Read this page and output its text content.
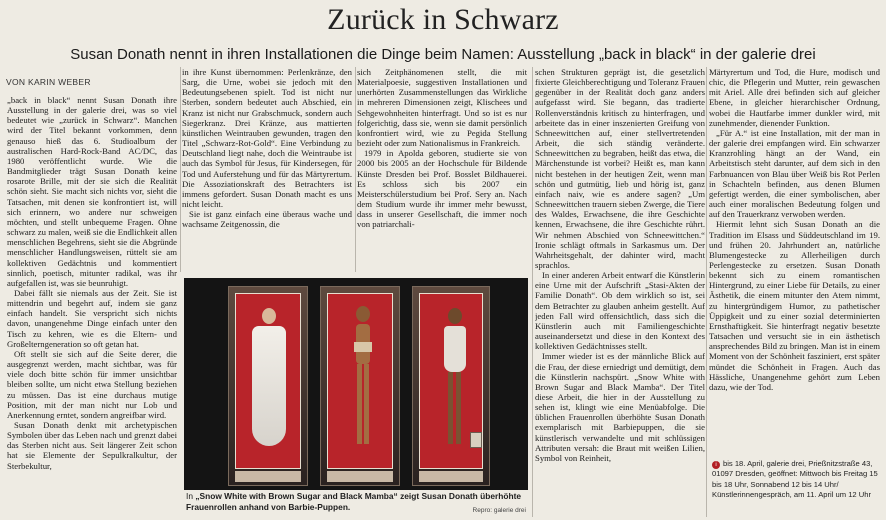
Zurück in Schwarz
Susan Donath nennt in ihren Installationen die Dinge beim Namen: Ausstellung „back in black“ in der galerie drei
VON KARIN WEBER

„back in black“ nennt Susan Donath ihre Ausstellung in der galerie drei, was so viel bedeutet wie „zurück in Schwarz“. Manchen wird der Titel bekannt vorkommen, denn genauso hieß das 6. Studioalbum der australischen Hard-Rock-Band AC/DC, das 1980 veröffentlicht wurde. Wie die Bandmitglieder trägt Susan Donath keine rosarote Brille, mit der sie sich die Realität schön sieht. Sie macht sich nichts vor, sieht die Tatsachen, mit denen sie konfrontiert ist, will sich erinnern, wo andere nur schweigen möchten, und stellt unbequeme Fragen. Ohne schwarz zu malen, weiß sie die Endlichkeit allen menschlichen Begehrens, sieht sie die Abgründe menschlicher Handlungsweisen, rüttelt sie am kollektiven Gedächtnis und kommentiert sinnlich, poetisch, mitunter radikal, was ihr aufgefallen ist, was sie beunruhigt.

Dabei fällt sie niemals aus der Zeit. Sie ist mittendrin und begehrt auf, indem sie ganz einfach handelt. Sie verspricht sich nichts davon, unangenehme Dinge einfach unter den Tisch zu kehren, wie es die Eltern- und Großelterngeneration so oft getan hat.

Oft stellt sie sich auf die Seite derer, die ausgegrenzt werden, macht sichtbar, was für viele doch bitte schön für immer unsichtbar bleiben sollte, um nicht etwa Stellung beziehen zu müssen. Das ist eine durchaus mutige Position, mit der man nicht nur Lob und Anerkennung erntet, sondern angreifbar wird.

Susan Donath denkt mit archetypischen Symbolen über das Leben nach und grenzt dabei das Sterben nicht aus. Seit längerer Zeit schon hat sie Elemente der Sepulkralkultur, der Sterbekultur,

in ihre Kunst übernommen: Perlenkränze, den Sarg, die Urne, wobei sie jedoch mit den Bedeutungsebenen spielt. Tod ist nicht nur Sterben, sondern bedeutet auch Abschied, ein Kranz ist nicht nur Grabschmuck, sondern auch Siegerkranz. Drei Kränze, aus mattierten künstlichen Weintrauben gewunden, tragen den Titel „Schwarz-Rot-Gold“. Eine Verbindung zu Deutschland liegt nahe, doch die Weintraube ist auch das Symbol für Jesus, für Kindersegen, für Tod und Auferstehung und für das Märtyrertum. Die Assoziationskraft des Betrachters ist immens gefordert. Susan Donath macht es uns nicht leicht.

Sie ist ganz einfach eine überaus wache und wachsame Zeitgenossin, die

sich Zeitphänomenen stellt, die mit Materialpoesie, suggestiven Installationen und unerhörten Zusammenstellungen das Wirkliche in mehreren Dimensionen zeigt, Klischees und Sehgewohnheiten hinterfragt. Und so ist es nur folgerichtig, dass sie, wenn sie damit persönlich konfrontiert wird, wie zu Pegida Stellung bezieht oder zum Nationalismus in Frankreich.

1979 in Apolda geboren, studierte sie von 2000 bis 2005 an der Hochschule für Bildende Künste Dresden bei Prof. Bosslet Bildhauerei. Es schloss sich bis 2007 ein Meisterschülerstudium bei Prof. Sery an. Nach dem Studium wurde ihr immer mehr bewusst, dass in unserer Gesellschaft, die immer noch von patriarchali-

schen Strukturen geprägt ist, die gesetzlich fixierte Gleichberechtigung und Toleranz Frauen gegenüber in der Realität doch ganz anders aufgefasst wird. Sie begann, das tradierte Rollenverständnis kritisch zu hinterfragen, und arbeitete das in einer inszenierten Greifung von Schneewittchen auf, einer stellvertretenden Arbeit, die sich ständig veränderte. Schneewittchen zu begraben, heißt das etwa, die Märchenstunde ist vorbei? Heißt es, man kann nicht bestehen in der heutigen Zeit, wenn man schön und gutmütig, lieb und hörig ist, ganz einfach naiv, wie es andere sagen? „Um Schneewittchen trauern sieben Zwerge, die Tiere des Waldes, Erwachsene, die ihre Geschichte kennen, Erwachsene, die ihre Geschichte rührt. Wir nehmen Abschied von Schneewittchen.“ Ironie schlägt oftmals in Sarkasmus um. Der Wahrheitsgehalt, der dahinter wird, macht sprachlos.

In einer anderen Arbeit entwarf die Künstlerin eine Urne mit der Aufschrift „Stasi-Akten der Familie Donath“. Ob dem wirklich so ist, sei dem Betrachter zu glauben anheim gestellt. Auf jeden Fall wird offensichtlich, dass sich die Künstlerin auch mit Familiengeschichte auseinandersetzt und diese in den Kontext des kollektiven Gedächtnisses stellt.

Immer wieder ist es der männliche Blick auf die Frau, der diese erniedrigt und demütigt, dem die Künstlerin nachspürt. „Snow White with Brown Sugar and Black Mamba“. Der Titel diese Arbeit, die hier in der Ausstellung zu sehen ist, klingt wie eine Menüabfolge. Die üblichen Frauenrollen überhöhte Susan Donath exemplarisch mit Barbiepuppen, die sie künstlerisch verwandelte und mit schlüssigen Attributen versah: die Braut mit weißen Lilien, Symbol von Reinheit,

Märtyrertum und Tod, die Hure, modisch und chic, die Pflegerin und Mutter, rein gewaschen mit Ariel. Alle drei befinden sich auf gleicher Ebene, in gleicher hierarchischer Ordnung, wobei die Hautfarbe immer dunkler wird, mit zunehmender, dienender Funktion.

„Für A.“ ist eine Installation, mit der man in der galerie drei empfangen wird. Ein schwarzer Kranzrohling hängt an der Wand, ein Arbeitstisch steht darunter, auf dem sich in den Farbnuancen von Blau über Weiß bis Rot Perlen in Schachteln befinden, aus denen Blumen gefertigt werden, die einer symbolischen, aber auch einer moralischen Bedeutung folgen und auf den Trauerkranz verwoben werden.

Hiermit lehnt sich Susan Donath an die Tradition im Elsass und Süddeutschland im 19. und frühen 20. Jahrhundert an, natürliche Blumengestecke zu Allerheiligen durch Perlengestecke zu ersetzen. Susan Donath bekennt sich zu einem romantischen Hintergrund, zu einer Liebe für Details, zu einer Ästhetik, die einem mitunter den Atem nimmt, zu hintergründigem Humor, zu pathetischer Üppigkeit und zu einer sozial determinierten Ernsthaftigkeit. Sie hinterfragt negativ besetzte Tatsachen und versucht sie in ein ästhetisch ansprechendes Bild zu bringen. Man ist in einem Moment von der Schönheit fasziniert, erst später mündet die Schönheit in Fragen. Auch das Hässliche, Unangenehme gehört zum Leben dazu, wie der Tod.

In „Snow White with Brown Sugar and Black Mamba“ zeigt Susan Donath überhöhte Frauenrollen anhand von Barbie-Puppen.	Repro: galerie drei
i bis 18. April, galerie drei, Prießnitzstraße 43, 01097 Dresden, geöffnet: Mittwoch bis Freitag 15 bis 18 Uhr, Sonnabend 12 bis 14 Uhr/ Künstlerinnengespräch, am 11. April um 12 Uhr
